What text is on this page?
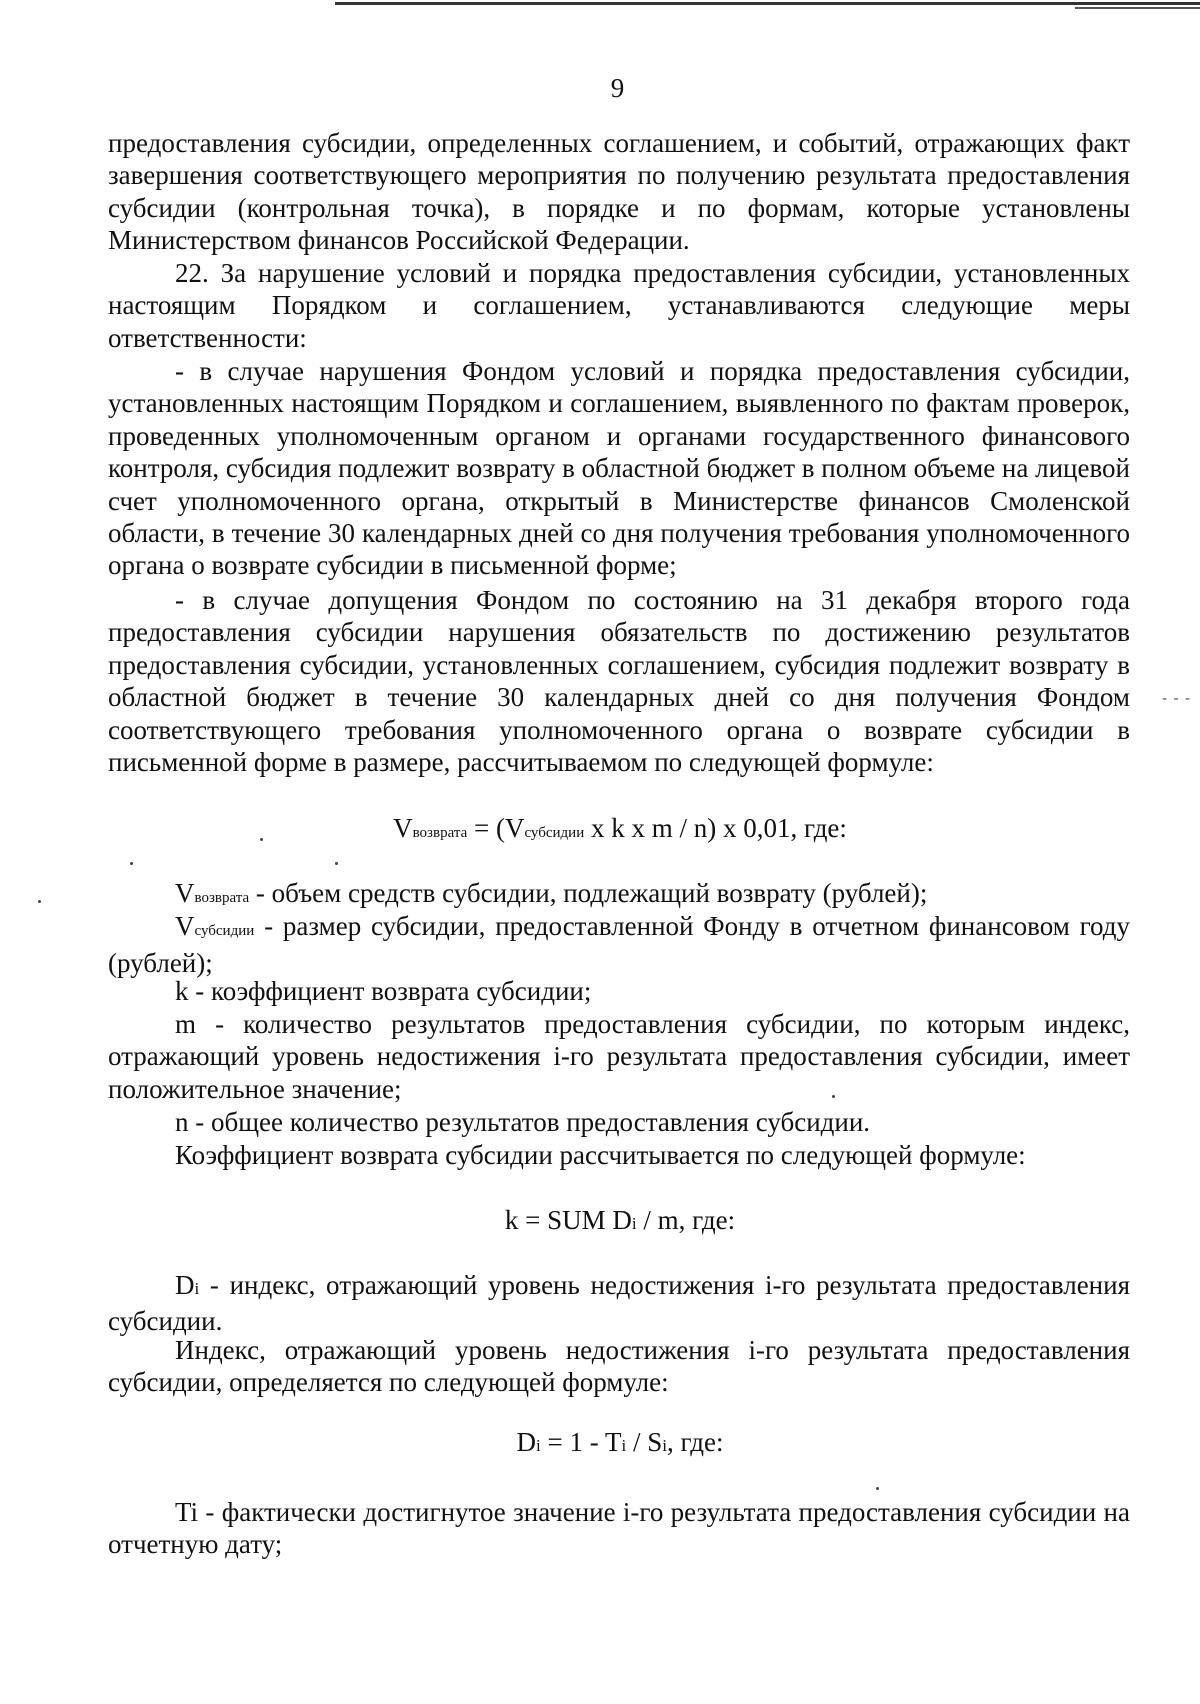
9

предоставления субсидии, определенных соглашением, и событий, отражающих факт завершения соответствующего мероприятия по получению результата предоставления субсидии (контрольная точка), в порядке и по формам, которые установлены Министерством финансов Российской Федерации.

22. За нарушение условий и порядка предоставления субсидии, установленных настоящим Порядком и соглашением, устанавливаются следующие меры ответственности:

- в случае нарушения Фондом условий и порядка предоставления субсидии, установленных настоящим Порядком и соглашением, выявленного по фактам проверок, проведенных уполномоченным органом и органами государственного финансового контроля, субсидия подлежит возврату в областной бюджет в полном объеме на лицевой счет уполномоченного органа, открытый в Министерстве финансов Смоленской области, в течение 30 календарных дней со дня получения требования уполномоченного органа о возврате субсидии в письменной форме;

- в случае допущения Фондом по состоянию на 31 декабря второго года предоставления субсидии нарушения обязательств по достижению результатов предоставления субсидии, установленных соглашением, субсидия подлежит возврату в областной бюджет в течение 30 календарных дней со дня получения Фондом соответствующего требования уполномоченного органа о возврате субсидии в письменной форме в размере, рассчитываемом по следующей формуле:

Vвозврата = (Vсубсидии x k x m / n) x 0,01, где:

Vвозврата - объем средств субсидии, подлежащий возврату (рублей);

Vсубсидии - размер субсидии, предоставленной Фонду в отчетном финансовом году (рублей);

k - коэффициент возврата субсидии;

m - количество результатов предоставления субсидии, по которым индекс, отражающий уровень недостижения i-го результата предоставления субсидии, имеет положительное значение;

n - общее количество результатов предоставления субсидии.

Коэффициент возврата субсидии рассчитывается по следующей формуле:

k = SUM Di / m, где:

Di - индекс, отражающий уровень недостижения i-го результата предоставления субсидии.

Индекс, отражающий уровень недостижения i-го результата предоставления субсидии, определяется по следующей формуле:

Di = 1 - Ti / Si, где:

Ti - фактически достигнутое значение i-го результата предоставления субсидии на отчетную дату;

- - -
